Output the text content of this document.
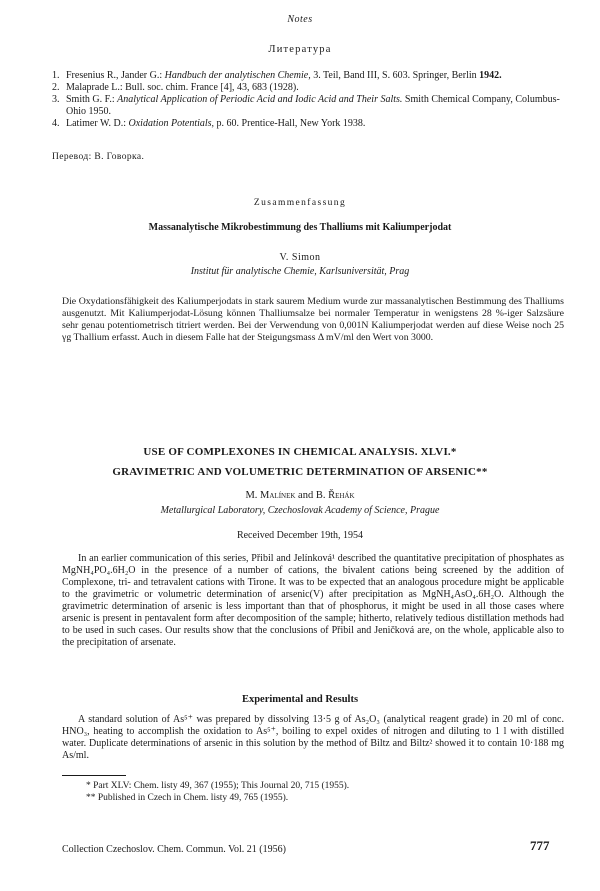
Notes
Литература
1. Fresenius R., Jander G.: Handbuch der analytischen Chemie, 3. Teil, Band III, S. 603. Springer, Berlin 1942.
2. Malaprade L.: Bull. soc. chim. France [4], 43, 683 (1928).
3. Smith G. F.: Analytical Application of Periodic Acid and Iodic Acid and Their Salts. Smith Chemical Company, Columbus-Ohio 1950.
4. Latimer W. D.: Oxidation Potentials, p. 60. Prentice-Hall, New York 1938.
Перевод: В. Говорка.
Zusammenfassung
Massanalytische Mikrobestimmung des Thalliums mit Kaliumperjodat
V. Simon
Institut für analytische Chemie, Karlsuniversität, Prag

Die Oxydationsfähigkeit des Kaliumperjodats in stark saurem Medium wurde zur massanalytischen Bestimmung des Thalliums ausgenutzt. Mit Kaliumperjodat-Lösung können Thalliumsalze bei normaler Temperatur in wenigstens 28 %-iger Salzsäure sehr genau potentiometrisch titriert werden. Bei der Verwendung von 0,001N Kaliumperjodat werden auf diese Weise noch 25 γg Thallium erfasst. Auch in diesem Falle hat der Steigungsmass Δ mV/ml den Wert von 3000.

USE OF COMPLEXONES IN CHEMICAL ANALYSIS. XLVI.*
GRAVIMETRIC AND VOLUMETRIC DETERMINATION OF ARSENIC**
M. Malínek and B. Řehák
Metallurgical Laboratory, Czechoslovak Academy of Science, Prague
Received December 19th, 1954

In an earlier communication of this series, Přibil and Jelínková¹ described the quantitative precipitation of phosphates as MgNH₄PO₄.6H₂O in the presence of a number of cations, the bivalent cations being screened by the addition of Complexone, tri- and tetravalent cations with Tirone. It was to be expected that an analogous procedure might be applicable to the gravimetric or volumetric determination of arsenic(V) after precipitation as MgNH₄AsO₄.6H₂O. Although the gravimetric determination of arsenic is less important than that of phosphorus, it might be used in all those cases where arsenic is present in pentavalent form after decomposition of the sample; hitherto, relatively tedious distillation methods had to be used in such cases. Our results show that the conclusions of Přibil and Jeničková are, on the whole, applicable also to the precipitation of arsenate.

Experimental and Results

A standard solution of As⁵⁺ was prepared by dissolving 13·5 g of As₂O₃ (analytical reagent grade) in 20 ml of conc. HNO₃, heating to accomplish the oxidation to As⁵⁺, boiling to expel oxides of nitrogen and diluting to 1 l with distilled water. Duplicate determinations of arsenic in this solution by the method of Biltz and Biltz² showed it to contain 10·188 mg As/ml.

* Part XLV: Chem. listy 49, 367 (1955); This Journal 20, 715 (1955).
** Published in Czech in Chem. listy 49, 765 (1955).
Collection Czechoslov. Chem. Commun. Vol. 21 (1956)	777
